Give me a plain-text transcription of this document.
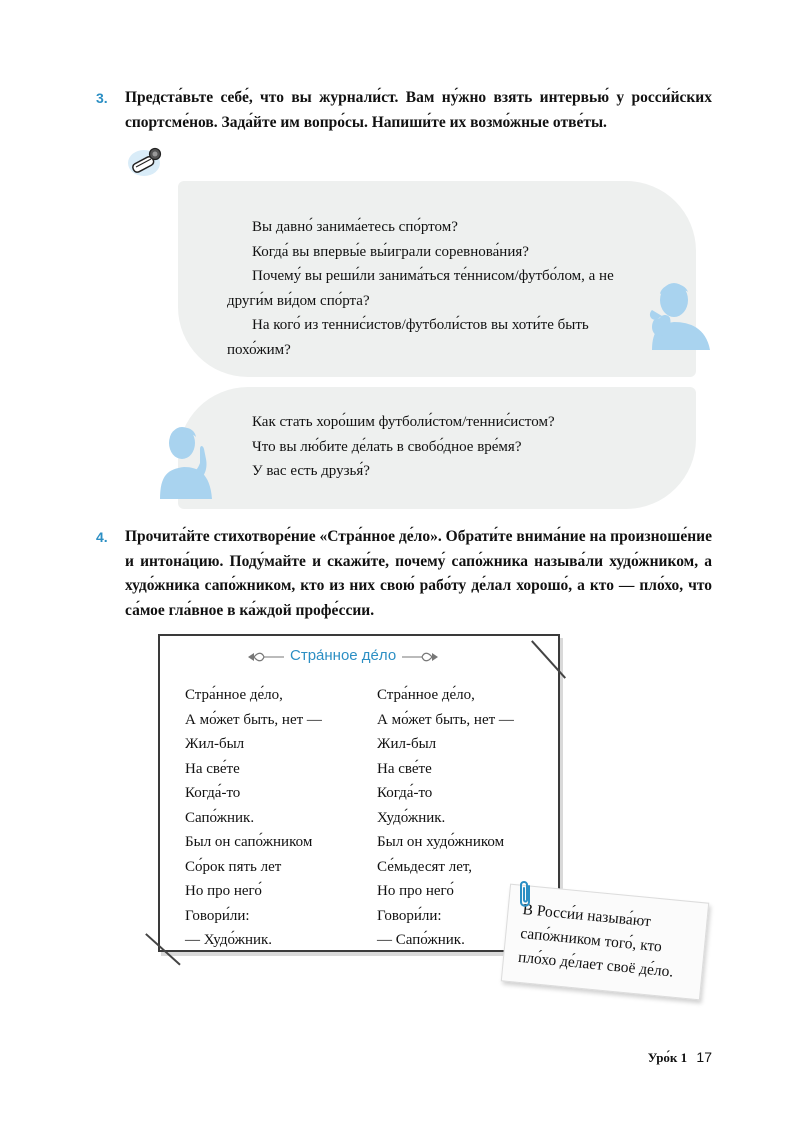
3.	Предста́вьте себе́, что вы журнали́ст. Вам ну́жно взять интервью́ у росси́йских спортсме́нов. Зада́йте им вопро́сы. Напиши́те их возмо́жные отве́ты.
Вы давно́ занима́етесь спо́ртом?
Когда́ вы впервы́е вы́играли соревнова́ния?
Почему́ вы реши́ли занима́ться те́ннисом/футбо́лом, а не други́м ви́дом спо́рта?
На кого́ из теннис́истов/футболи́стов вы хоти́те быть похо́жим?
Как стать хоро́шим футболи́стом/теннис́истом?
Что вы лю́бите де́лать в свобо́дное вре́мя?
У вас есть друзья́?
4.	Прочита́йте стихотворе́ние «Стра́нное де́ло». Обрати́те внима́ние на произноше́ние и интона́цию. Поду́майте и скажи́те, почему́ сапо́жника называ́ли худо́жником, а худо́жника сапо́жником, кто из них свою́ рабо́ту де́лал хорошо́, а кто — пло́хо, что са́мое гла́вное в ка́ждой профе́ссии.
Стра́нное де́ло
Стра́нное де́ло,
А мо́жет быть, нет —
Жил-был
На све́те
Когда́-то
Сапо́жник.
Был он сапо́жником
Со́рок пять лет
Но про него́
Говори́ли:
— Худо́жник.
Стра́нное де́ло,
А мо́жет быть, нет —
Жил-был
На све́те
Когда́-то
Худо́жник.
Был он худо́жником
Се́мьдесят лет,
Но про него́
Говори́ли:
— Сапо́жник.
В Росси́и называ́ют сапо́жником того́, кто пло́хо де́лает своё де́ло.
Уро́к 1 17
